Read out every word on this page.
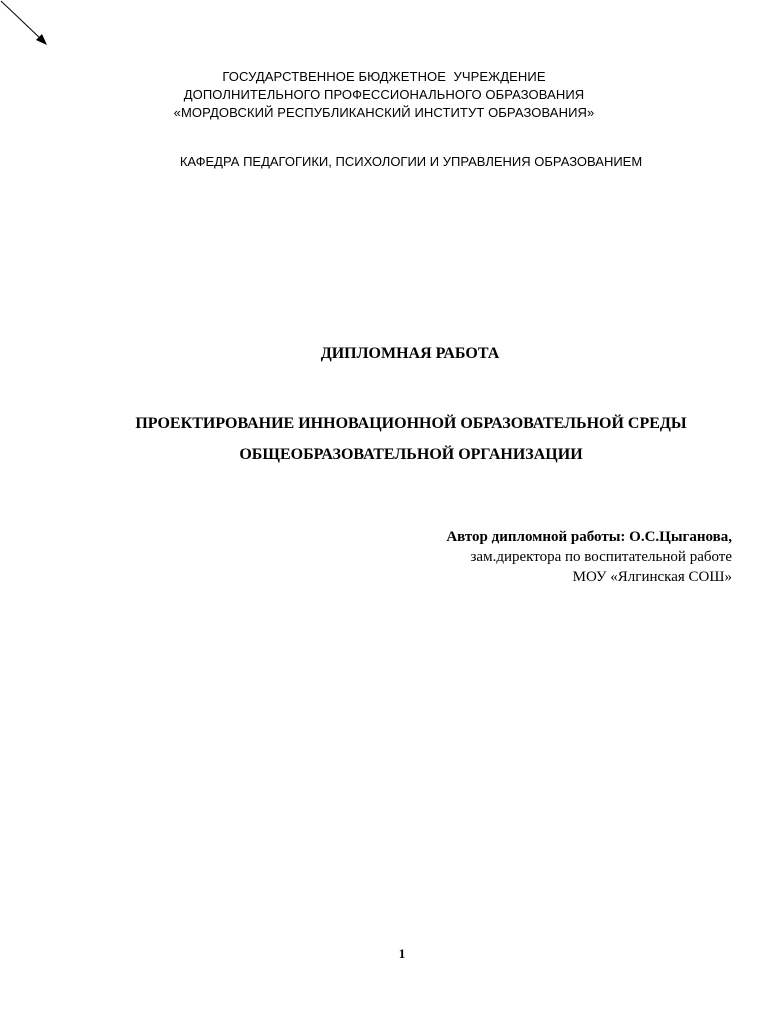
ГОСУДАРСТВЕННОЕ БЮДЖЕТНОЕ  УЧРЕЖДЕНИЕ
ДОПОЛНИТЕЛЬНОГО ПРОФЕССИОНАЛЬНОГО ОБРАЗОВАНИЯ
«МОРДОВСКИЙ РЕСПУБЛИКАНСКИЙ ИНСТИТУТ ОБРАЗОВАНИЯ»
КАФЕДРА ПЕДАГОГИКИ, ПСИХОЛОГИИ И УПРАВЛЕНИЯ ОБРАЗОВАНИЕМ
ДИПЛОМНАЯ РАБОТА
ПРОЕКТИРОВАНИЕ ИННОВАЦИОННОЙ ОБРАЗОВАТЕЛЬНОЙ СРЕДЫ
ОБЩЕОБРАЗОВАТЕЛЬНОЙ ОРГАНИЗАЦИИ
Автор дипломной работы: О.С.Цыганова,
зам.директора по воспитательной работе
МОУ «Ялгинская СОШ»
1
